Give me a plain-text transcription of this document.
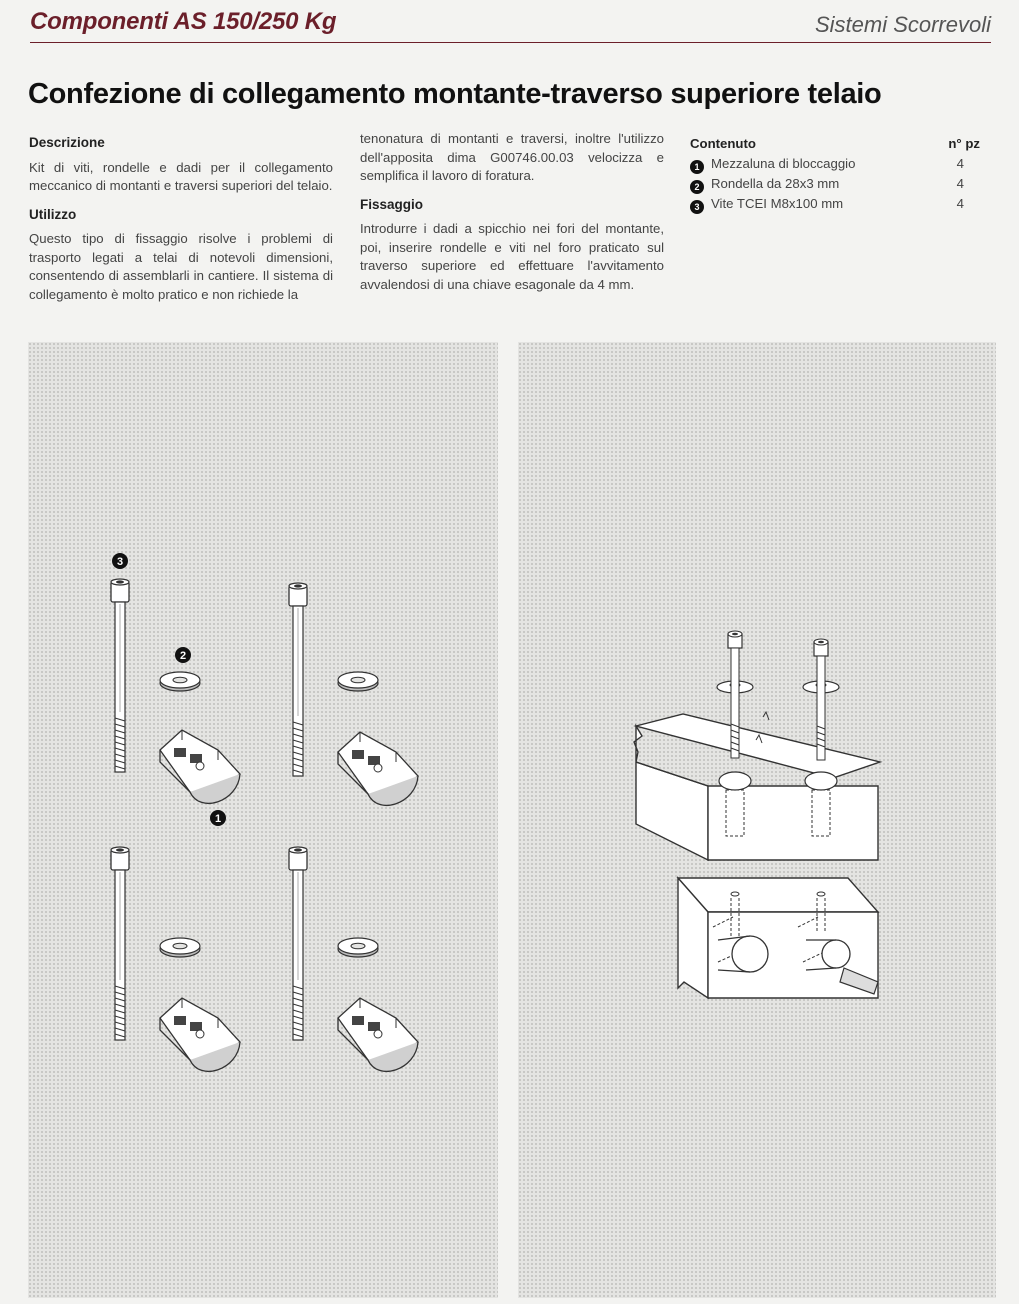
Componenti AS 150/250 Kg	Sistemi Scorrevoli
Confezione di collegamento montante-traverso superiore telaio
Descrizione
Kit di viti, rondelle e dadi per il collegamento meccanico di montanti e traversi superiori del telaio.
Utilizzo
Questo tipo di fissaggio risolve i problemi di trasporto legati a telai di notevoli dimensioni, consentendo di assemblarli in cantiere. Il sistema di collegamento è molto pratico e non richiede la
tenonatura di montanti e traversi, inoltre l'utilizzo dell'apposita dima G00746.00.03 velocizza e semplifica il lavoro di foratura.
Fissaggio
Introdurre i dadi a spicchio nei fori del montante, poi, inserire rondelle e viti nel foro praticato sul traverso superiore ed effettuare l'avvitamento avvalendosi di una chiave esagonale da 4 mm.
Contenuto	n° pz
1 Mezzaluna di bloccaggio	4
2 Rondella da 28x3 mm	4
3 Vite TCEI M8x100 mm	4
3
2
1
